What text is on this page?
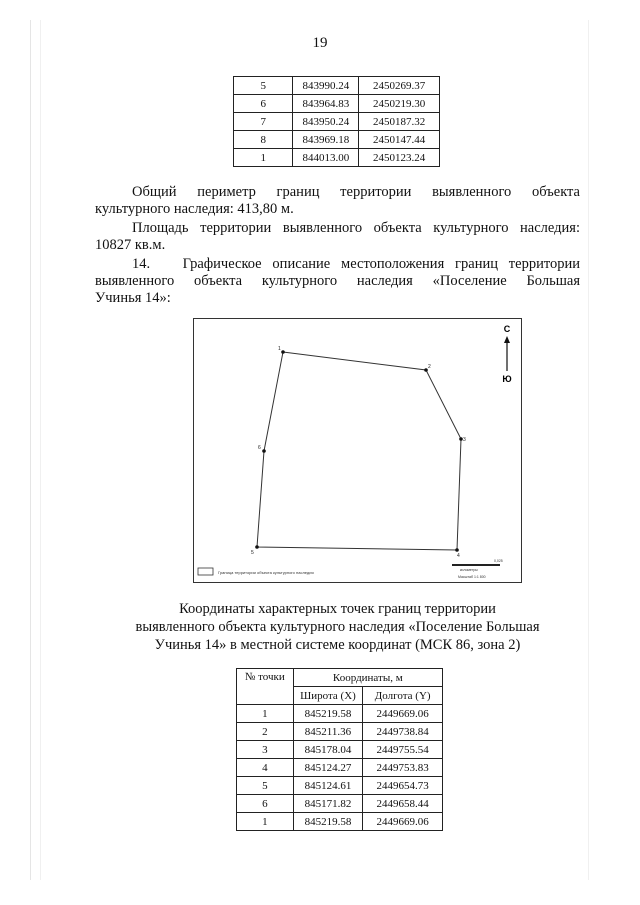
19
5	843990.24	2450269.37
6	843964.83	2450219.30
7	843950.24	2450187.32
8	843969.18	2450147.44
1	844013.00	2450123.24
Общий периметр границ территории выявленного объекта
культурного наследия: 413,80 м.
Площадь территории выявленного объекта культурного наследия:
10827 кв.м.
14.   Графическое описание местоположения границ территории
выявленного объекта культурного наследия «Поселение Большая
Учинья 14»:
1
2
3
4
5
6
С
Ю
Граница территории объекта культурного наследия
0,025
километры
Масштаб 1:1 800
Координаты характерных точек границ территории
выявленного объекта культурного наследия «Поселение Большая
Учинья 14» в местной системе координат (МСК 86, зона 2)
№ точки	Координаты, м	
	Широта (X)	Долгота (Y)
1	845219.58	2449669.06
2	845211.36	2449738.84
3	845178.04	2449755.54
4	845124.27	2449753.83
5	845124.61	2449654.73
6	845171.82	2449658.44
1	845219.58	2449669.06
